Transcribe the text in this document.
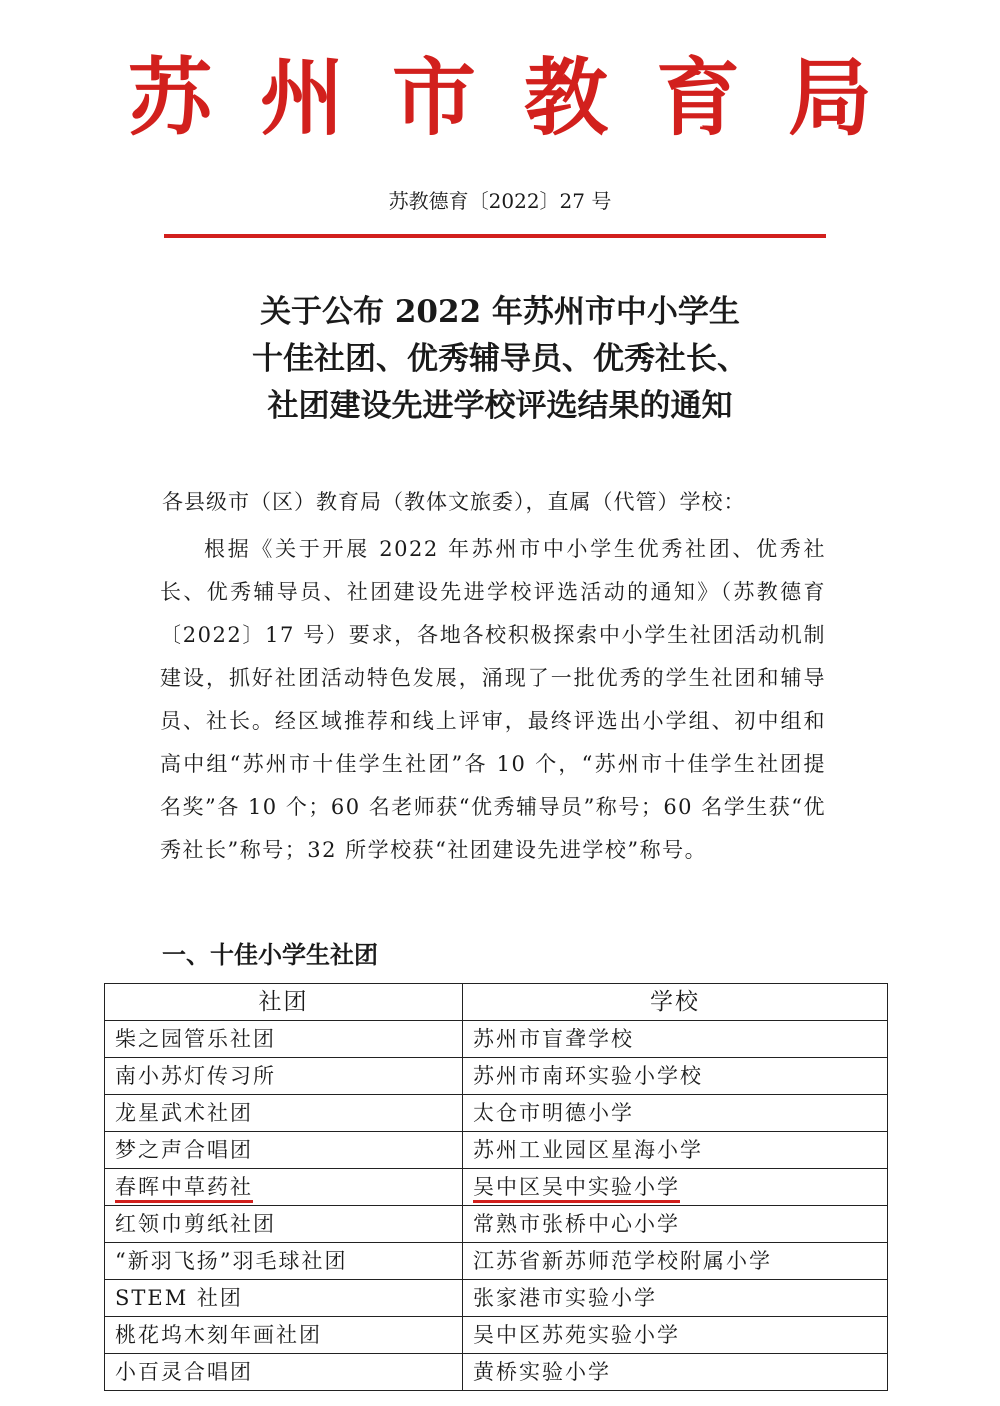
苏州市教育局
苏教德育〔2022〕27 号
关于公布 2022 年苏州市中小学生
十佳社团、优秀辅导员、优秀社长、
社团建设先进学校评选结果的通知
各县级市（区）教育局（教体文旅委），直属（代管）学校：

根据《关于开展 2022 年苏州市中小学生优秀社团、优秀社长、优秀辅导员、社团建设先进学校评选活动的通知》（苏教德育〔2022〕17 号）要求，各地各校积极探索中小学生社团活动机制建设，抓好社团活动特色发展，涌现了一批优秀的学生社团和辅导员、社长。经区域推荐和线上评审，最终评选出小学组、初中组和高中组“苏州市十佳学生社团”各 10 个，“苏州市十佳学生社团提名奖”各 10 个；60 名老师获“优秀辅导员”称号；60 名学生获“优秀社长”称号；32 所学校获“社团建设先进学校”称号。

一、十佳小学生社团
社团	学校
柴之园管乐社团	苏州市盲聋学校
南小苏灯传习所	苏州市南环实验小学校
龙星武术社团	太仓市明德小学
梦之声合唱团	苏州工业园区星海小学
春晖中草药社	吴中区吴中实验小学
红领巾剪纸社团	常熟市张桥中心小学
“新羽飞扬”羽毛球社团	江苏省新苏师范学校附属小学
STEM 社团	张家港市实验小学
桃花坞木刻年画社团	吴中区苏苑实验小学
小百灵合唱团	黄桥实验小学
